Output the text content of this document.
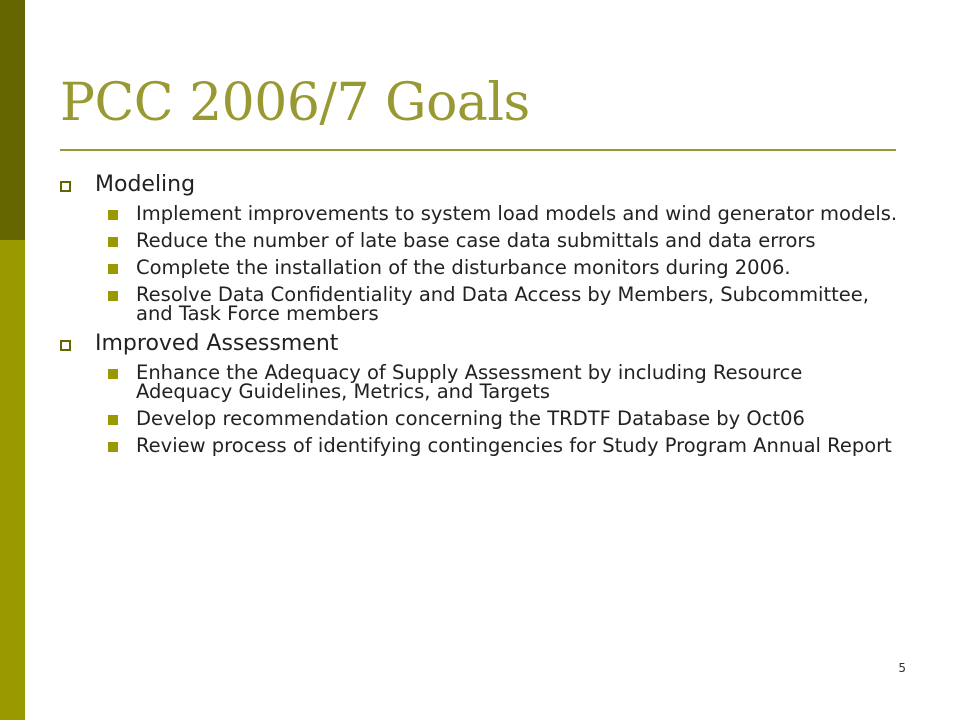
PCC 2006/7 Goals
Modeling
Implement improvements to system load models and wind generator models.
Reduce the number of late base case data submittals and data errors
Complete the installation of the disturbance monitors during 2006.
Resolve Data Confidentiality and Data Access by Members, Subcommittee, and Task Force members
Improved Assessment
Enhance the Adequacy of Supply Assessment by including Resource Adequacy Guidelines, Metrics, and Targets
Develop recommendation concerning the TRDTF Database by Oct06
Review process of identifying contingencies for Study Program Annual Report
5
